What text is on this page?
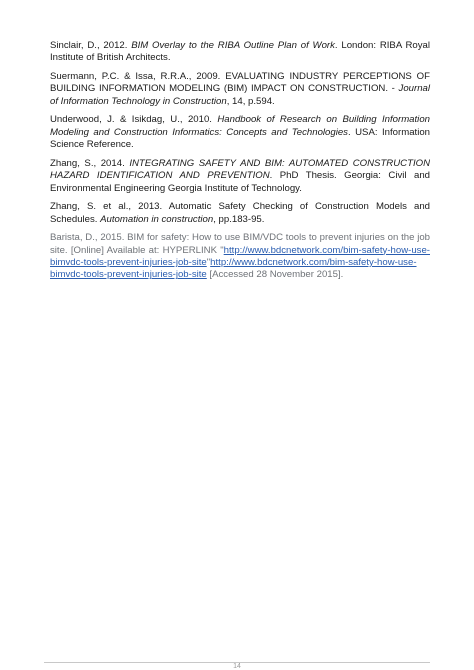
Sinclair, D., 2012. BIM Overlay to the RIBA Outline Plan of Work. London: RIBA Royal Institute of British Architects.

Suermann, P.C. & Issa, R.R.A., 2009. EVALUATING INDUSTRY PERCEPTIONS OF BUILDING INFORMATION MODELING (BIM) IMPACT ON CONSTRUCTION. - Journal of Information Technology in Construction, 14, p.594.

Underwood, J. & Isikdag, U., 2010. Handbook of Research on Building Information Modeling and Construction Informatics: Concepts and Technologies. USA: Information Science Reference.

Zhang, S., 2014. INTEGRATING SAFETY AND BIM: AUTOMATED CONSTRUCTION HAZARD IDENTIFICATION AND PREVENTION. PhD Thesis. Georgia: Civil and Environmental Engineering Georgia Institute of Technology.

Zhang, S. et al., 2013. Automatic Safety Checking of Construction Models and Schedules. Automation in construction, pp.183-95.

Barista, D., 2015. BIM for safety: How to use BIM/VDC tools to prevent injuries on the job site. [Online] Available at: HYPERLINK "http://www.bdcnetwork.com/bim-safety-how-use-bimvdc-tools-prevent-injuries-job-site"http://www.bdcnetwork.com/bim-safety-how-use-bimvdc-tools-prevent-injuries-job-site [Accessed 28 November 2015].

14
